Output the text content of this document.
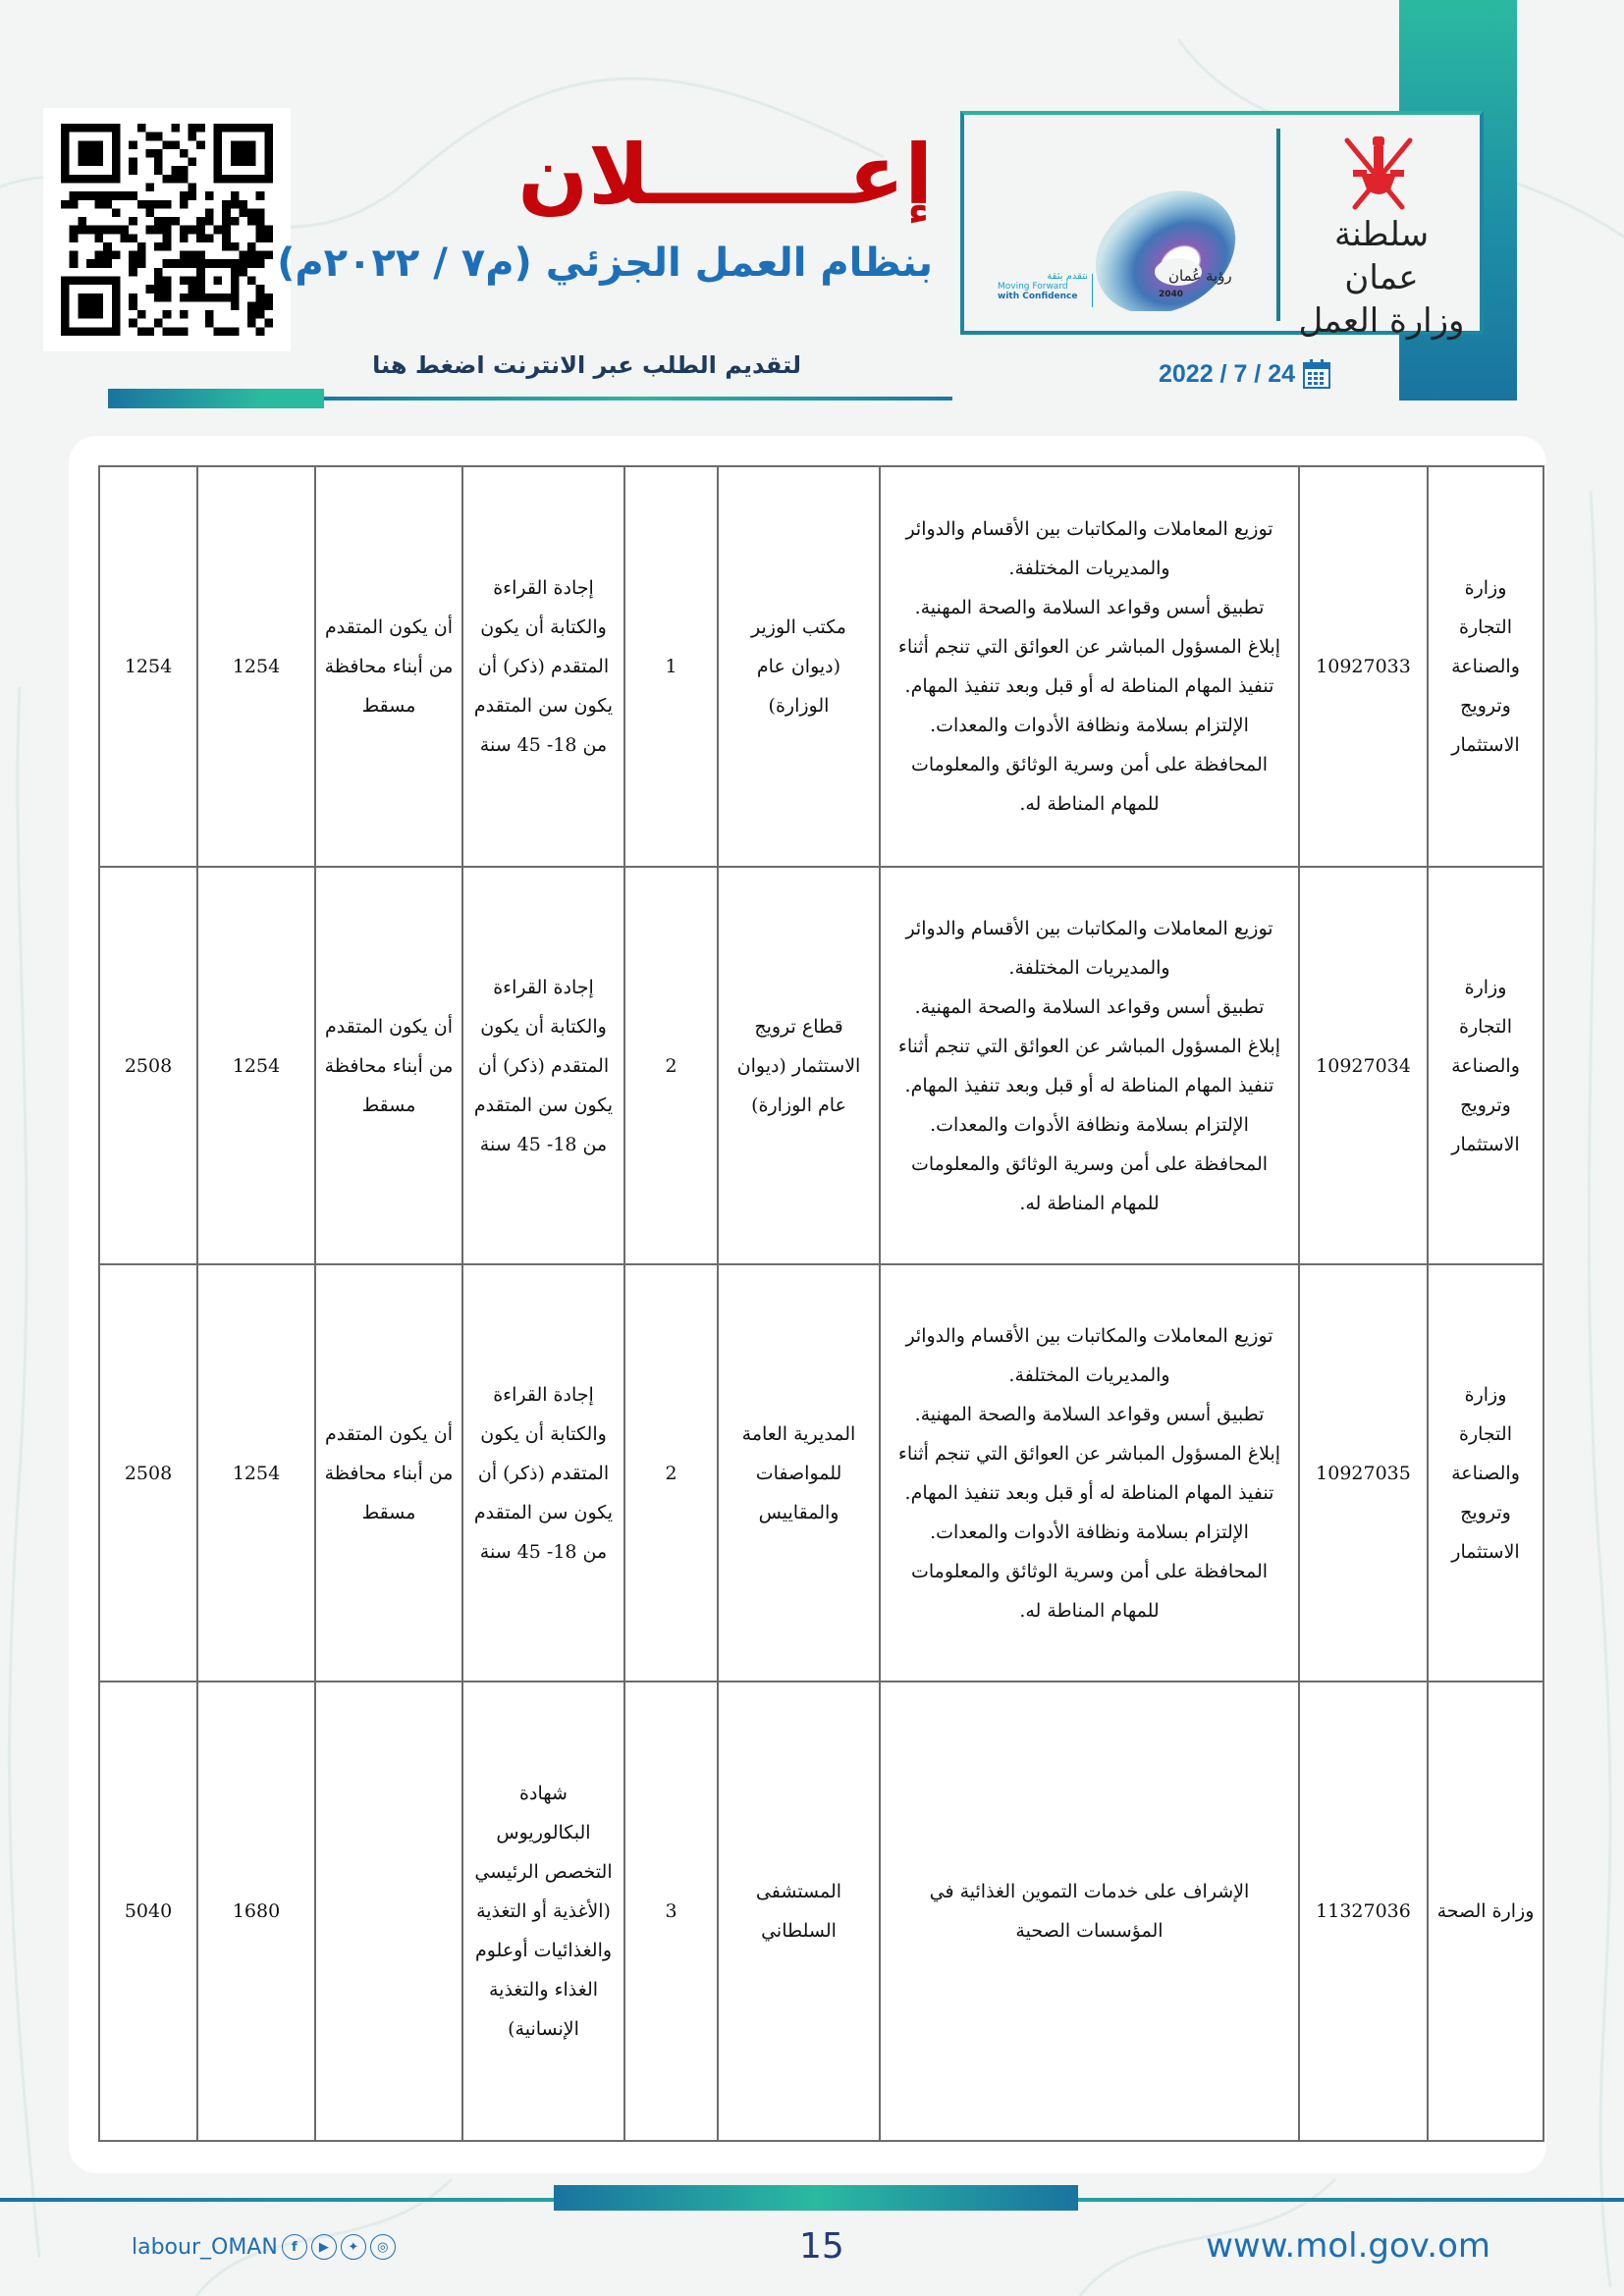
سلطنة عمان
وزارة العمل
رؤية عُمان
2040
نتقدم بثقة
Moving Forward
with Confidence
2022 / 7 / 24
إعـــــــلان
بنظام العمل الجزئي (م٧ / ٢٠٢٢م)
لتقديم الطلب عبر الانترنت اضغط هنا
1254	1254	أن يكون المتقدم من أبناء محافظة مسقط	إجادة القراءة والكتابة أن يكون المتقدم (ذكر) أن يكون سن المتقدم من 18- 45 سنة	1	مكتب الوزير (ديوان عام الوزارة)	توزيع المعاملات والمكاتبات بين الأقسام والدوائر والمديريات المختلفة.
تطبيق أسس وقواعد السلامة والصحة المهنية.
إبلاغ المسؤول المباشر عن العوائق التي تنجم أثناء تنفيذ المهام المناطة له أو قبل وبعد تنفيذ المهام.
الإلتزام بسلامة ونظافة الأدوات والمعدات.
المحافظة على أمن وسرية الوثائق والمعلومات للمهام المناطة له.	10927033	وزارة التجارة والصناعة وترويج الاستثمار
2508	1254	أن يكون المتقدم من أبناء محافظة مسقط	إجادة القراءة والكتابة أن يكون المتقدم (ذكر) أن يكون سن المتقدم من 18- 45 سنة	2	قطاع ترويج الاستثمار (ديوان عام الوزارة)	توزيع المعاملات والمكاتبات بين الأقسام والدوائر والمديريات المختلفة.
تطبيق أسس وقواعد السلامة والصحة المهنية.
إبلاغ المسؤول المباشر عن العوائق التي تنجم أثناء تنفيذ المهام المناطة له أو قبل وبعد تنفيذ المهام.
الإلتزام بسلامة ونظافة الأدوات والمعدات.
المحافظة على أمن وسرية الوثائق والمعلومات للمهام المناطة له.	10927034	وزارة التجارة والصناعة وترويج الاستثمار
2508	1254	أن يكون المتقدم من أبناء محافظة مسقط	إجادة القراءة والكتابة أن يكون المتقدم (ذكر) أن يكون سن المتقدم من 18- 45 سنة	2	المديرية العامة للمواصفات والمقاييس	توزيع المعاملات والمكاتبات بين الأقسام والدوائر والمديريات المختلفة.
تطبيق أسس وقواعد السلامة والصحة المهنية.
إبلاغ المسؤول المباشر عن العوائق التي تنجم أثناء تنفيذ المهام المناطة له أو قبل وبعد تنفيذ المهام.
الإلتزام بسلامة ونظافة الأدوات والمعدات.
المحافظة على أمن وسرية الوثائق والمعلومات للمهام المناطة له.	10927035	وزارة التجارة والصناعة وترويج الاستثمار
5040	1680		شهادة البكالوريوس التخصص الرئيسي (الأغذية أو التغذية والغذائيات أوعلوم الغذاء والتغذية الإنسانية)	3	المستشفى السلطاني	الإشراف على خدمات التموين الغذائية في المؤسسات الصحية	11327036	وزارة الصحة
labour_OMAN	f	▶	✦	◎	15	www.mol.gov.om
